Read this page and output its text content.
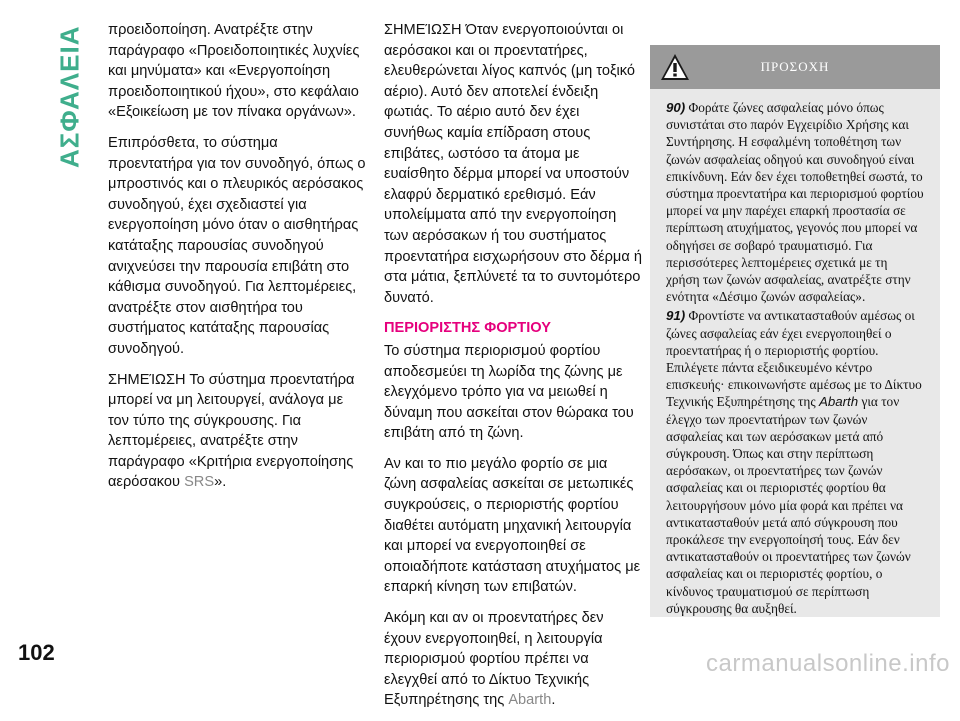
ΑΣΦΑΛΕΙΑ προειδοποίηση. Ανατρέξτε στην παράγραφο «Προειδοποιητικές λυχνίες και μηνύματα» και «Ενεργοποίηση προειδοποιητικού ήχου», στο κεφάλαιο «Εξοικείωση με τον πίνακα οργάνων».

Επιπρόσθετα, το σύστημα προεντατήρα για τον συνοδηγό, όπως ο μπροστινός και ο πλευρικός αερόσακος συνοδηγού, έχει σχεδιαστεί για ενεργοποίηση μόνο όταν ο αισθητήρας κατάταξης παρουσίας συνοδηγού ανιχνεύσει την παρουσία επιβάτη στο κάθισμα συνοδηγού. Για λεπτομέρειες, ανατρέξτε στον αισθητήρα του συστήματος κατάταξης παρουσίας συνοδηγού.

ΣΗΜΕΊΩΣΗ Το σύστημα προεντατήρα μπορεί να μη λειτουργεί, ανάλογα με τον τύπο της σύγκρουσης. Για λεπτομέρειες, ανατρέξτε στην παράγραφο «Κριτήρια ενεργοποίησης αερόσακου SRS».

ΣΗΜΕΊΩΣΗ Όταν ενεργοποιούνται οι αερόσακοι και οι προεντατήρες, ελευθερώνεται λίγος καπνός (μη τοξικό αέριο). Αυτό δεν αποτελεί ένδειξη φωτιάς. Το αέριο αυτό δεν έχει συνήθως καμία επίδραση στους επιβάτες, ωστόσο τα άτομα με ευαίσθητο δέρμα μπορεί να υποστούν ελαφρύ δερματικό ερεθισμό. Εάν υπολείμματα από την ενεργοποίηση των αερόσακων ή του συστήματος προεντατήρα εισχωρήσουν στο δέρμα ή στα μάτια, ξεπλύνετέ τα το συντομότερο δυνατό.

ΠΕΡΙΟΡΙΣΤΗΣ ΦΟΡΤΙΟΥ

Το σύστημα περιορισμού φορτίου αποδεσμεύει τη λωρίδα της ζώνης με ελεγχόμενο τρόπο για να μειωθεί η δύναμη που ασκείται στον θώρακα του επιβάτη από τη ζώνη.

Αν και το πιο μεγάλο φορτίο σε μια ζώνη ασφαλείας ασκείται σε μετωπικές συγκρούσεις, ο περιοριστής φορτίου διαθέτει αυτόματη μηχανική λειτουργία και μπορεί να ενεργοποιηθεί σε οποιαδήποτε κατάσταση ατυχήματος με επαρκή κίνηση των επιβατών.

Ακόμη και αν οι προεντατήρες δεν έχουν ενεργοποιηθεί, η λειτουργία περιορισμού φορτίου πρέπει να ελεγχθεί από το Δίκτυο Τεχνικής Εξυπηρέτησης της Abarth.

ΠΡΟΣΟΧΗ

90) Φοράτε ζώνες ασφαλείας μόνο όπως συνιστάται στο παρόν Εγχειρίδιο Χρήσης και Συντήρησης. Η εσφαλμένη τοποθέτηση των ζωνών ασφαλείας οδηγού και συνοδηγού είναι επικίνδυνη. Εάν δεν έχει τοποθετηθεί σωστά, το σύστημα προεντατήρα και περιορισμού φορτίου μπορεί να μην παρέχει επαρκή προστασία σε περίπτωση ατυχήματος, γεγονός που μπορεί να οδηγήσει σε σοβαρό τραυματισμό. Για περισσότερες λεπτομέρειες σχετικά με τη χρήση των ζωνών ασφαλείας, ανατρέξτε στην ενότητα «Δέσιμο ζωνών ασφαλείας».

91) Φροντίστε να αντικατασταθούν αμέσως οι ζώνες ασφαλείας εάν έχει ενεργοποιηθεί ο προεντατήρας ή ο περιοριστής φορτίου. Επιλέγετε πάντα εξειδικευμένο κέντρο επισκευής· επικοινωνήστε αμέσως με το Δίκτυο Τεχνικής Εξυπηρέτησης της Abarth για τον έλεγχο των προεντατήρων των ζωνών ασφαλείας και των αερόσακων μετά από σύγκρουση. Όπως και στην περίπτωση αερόσακων, οι προεντατήρες των ζωνών ασφαλείας και οι περιοριστές φορτίου θα λειτουργήσουν μόνο μία φορά και πρέπει να αντικατασταθούν μετά από σύγκρουση που προκάλεσε την ενεργοποίησή τους. Εάν δεν αντικατασταθούν οι προεντατήρες των ζωνών ασφαλείας και οι περιοριστές φορτίου, ο κίνδυνος τραυματισμού σε περίπτωση σύγκρουσης θα αυξηθεί.

102	carmanualsonline.info
